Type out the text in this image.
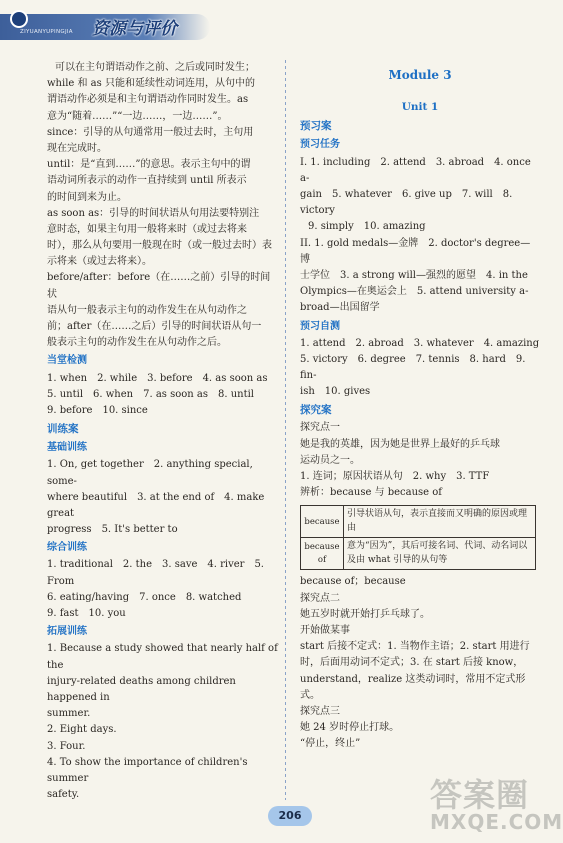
ZIYUANYUPINGJIA 资源与评价

可以在主句谓语动作之前、之后或同时发生；

while 和 as 只能和延续性动词连用，从句中的

谓语动作必须是和主句谓语动作同时发生。as

意为“随着……”“一边……，一边……”。

since：引导的从句通常用一般过去时，主句用

现在完成时。

until：是“直到……”的意思。表示主句中的谓

语动词所表示的动作一直持续到 until 所表示

的时间到来为止。

as soon as：引导的时间状语从句用法要特别注

意时态，如果主句用一般将来时（或过去将来

时），那么从句要用一般现在时（或一般过去时）表示将来（或过去将来）。

before/after：before（在……之前）引导的时间状

语从句一般表示主句的动作发生在从句动作之

前；after（在……之后）引导的时间状语从句一

般表示主句的动作发生在从句动作之后。

当堂检测

1. when　2. while　3. before　4. as soon as

5. until　6. when　7. as soon as　8. until

9. before　10. since

训练案
基础训练

1. On, get together　2. anything special, some-

where beautiful　3. at the end of　4. make great

progress　5. It's better to

综合训练

1. traditional　2. the　3. save　4. river　5. From

6. eating/having　7. once　8. watched

9. fast　10. you

拓展训练

1. Because a study showed that nearly half of the

injury-related deaths among children happened in

summer.

2. Eight days.

3. Four.

4. To show the importance of children's summer

safety.

Module 3
Unit 1
预习案
预习任务

I. 1. including　2. attend　3. abroad　4. once a-

gain　5. whatever　6. give up　7. will　8. victory

9. simply　10. amazing

II. 1. gold medals—金牌　2. doctor's degree—博

士学位　3. a strong will—强烈的愿望　4. in the

Olympics—在奥运会上　5. attend university a-

broad—出国留学

预习自测

1. attend　2. abroad　3. whatever　4. amazing

5. victory　6. degree　7. tennis　8. hard　9. fin-

ish　10. gives

探究案

探究点一

她是我的英雄，因为她是世界上最好的乒乓球

运动员之一。

1. 连词；原因状语从句　2. why　3. TTF

辨析：because 与 because of

because	引导状语从句，表示直接而又明确的原因或理由
because of	意为“因为”，其后可接名词、代词、动名词以及由 what 引导的从句等

because of；because

探究点二

她五岁时就开始打乒乓球了。

开始做某事

start 后接不定式：1. 当物作主语；2. start 用进行

时，后面用动词不定式；3. 在 start 后接 know，

understand，realize 这类动词时，常用不定式形

式。

探究点三

她 24 岁时停止打球。

“停止，终止”

206
答案圈
MXQE.COM
